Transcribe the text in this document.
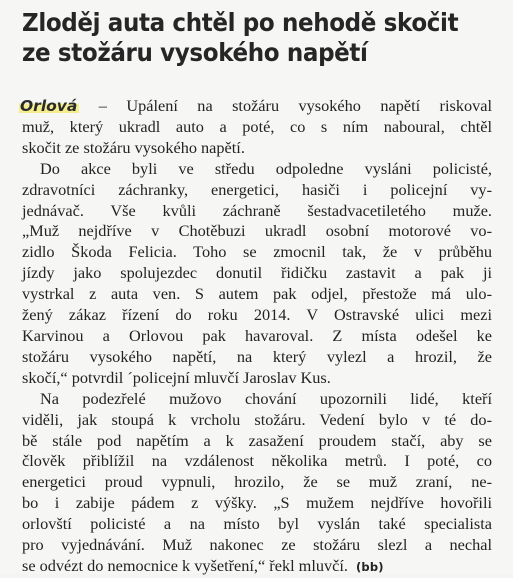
Zloděj auta chtěl po nehodě skočit
ze stožáru vysokého napětí
Orlová – Upálení na stožáru vysokého napětí riskoval
muž, který ukradl auto a poté, co s ním naboural, chtěl
skočit ze stožáru vysokého napětí.
Do akce byli ve středu odpoledne vysláni policisté,
zdravotníci záchranky, energetici, hasiči i policejní vy-
jednávač. Vše kvůli záchraně šestadvacetiletého muže.
„Muž nejdříve v Chotěbuzi ukradl osobní motorové vo-
zidlo Škoda Felicia. Toho se zmocnil tak, že v průběhu
jízdy jako spolujezdec donutil řidičku zastavit a pak ji
vystrkal z auta ven. S autem pak odjel, přestože má ulo-
žený zákaz řízení do roku 2014. V Ostravské ulici mezi
Karvinou a Orlovou pak havaroval. Z místa odešel ke
stožáru vysokého napětí, na který vylezl a hrozil, že
skočí,“ potvrdil ´policejní mluvčí Jaroslav Kus.
Na podezřelé mužovo chování upozornili lidé, kteří
viděli, jak stoupá k vrcholu stožáru. Vedení bylo v té do-
bě stále pod napětím a k zasažení proudem stačí, aby se
člověk přiblížil na vzdálenost několika metrů. I poté, co
energetici proud vypnuli, hrozilo, že se muž zraní, ne-
bo i zabije pádem z výšky. „S mužem nejdříve hovořili
orlovští policisté a na místo byl vyslán také specialista
pro vyjednávání. Muž nakonec ze stožáru slezl a nechal
se odvézt do nemocnice k vyšetření,“ řekl mluvčí. (bb)
